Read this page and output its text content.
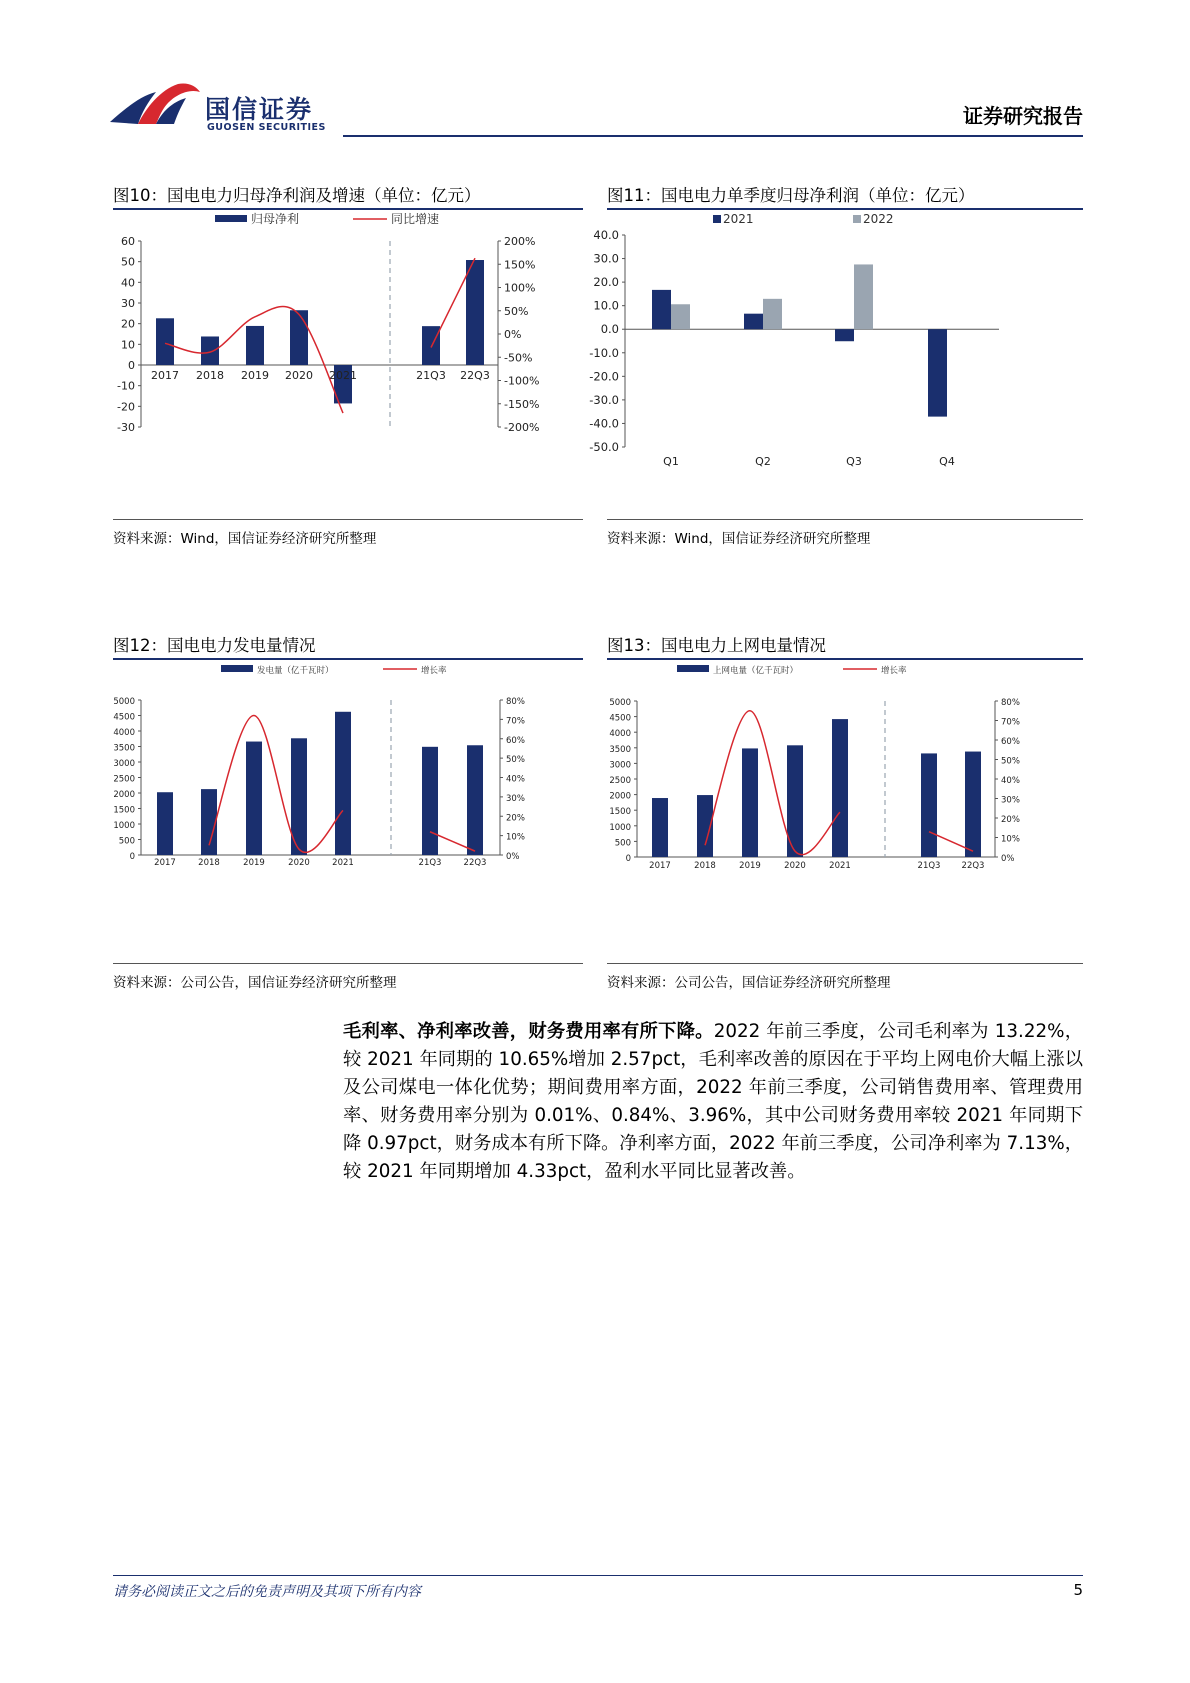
国信证券
GUOSEN SECURITIES	证券研究报告
图10：国电电力归母净利润及增速（单位：亿元）
归母净利	同比增速
60
50
40
30
20
10
0
-10
-20
-30
200%
150%
100%
50%
0%
-50%
-100%
-150%
-200%
2017 2018 2019 2020 2021	21Q3 22Q3
资料来源：Wind，国信证券经济研究所整理
图11：国电电力单季度归母净利润（单位：亿元）
2021	2022
40.0
30.0
20.0
10.0
0.0
-10.0
-20.0
-30.0
-40.0
-50.0
Q1	Q2	Q3	Q4
资料来源：Wind，国信证券经济研究所整理
图12：国电电力发电量情况
发电量（亿千瓦时）	增长率
5000
4500
4000
3500
3000
2500
2000
1500
1000
500
0
80%
70%
60%
50%
40%
30%
20%
10%
0%
2017	2018	2019	2020	2021	21Q3	22Q3
资料来源：公司公告，国信证券经济研究所整理
图13：国电电力上网电量情况
上网电量（亿千瓦时）	增长率
5000
4500
4000
3500
3000
2500
2000
1500
1000
500
0
80%
70%
60%
50%
40%
30%
20%
10%
0%
2017	2018	2019	2020	2021	21Q3 22Q3
资料来源：公司公告，国信证券经济研究所整理
毛利率、净利率改善，财务费用率有所下降。2022 年前三季度，公司毛利率为 13.22%，较 2021 年同期的 10.65%增加 2.57pct，毛利率改善的原因在于平均上网电价大幅上涨以及公司煤电一体化优势；期间费用率方面，2022 年前三季度，公司销售费用率、管理费用率、财务费用率分别为 0.01%、0.84%、3.96%，其中公司财务费用率较 2021 年同期下降 0.97pct，财务成本有所下降。净利率方面，2022 年前三季度，公司净利率为 7.13%，较 2021 年同期增加 4.33pct，盈利水平同比显著改善。
请务必阅读正文之后的免责声明及其项下所有内容	5
